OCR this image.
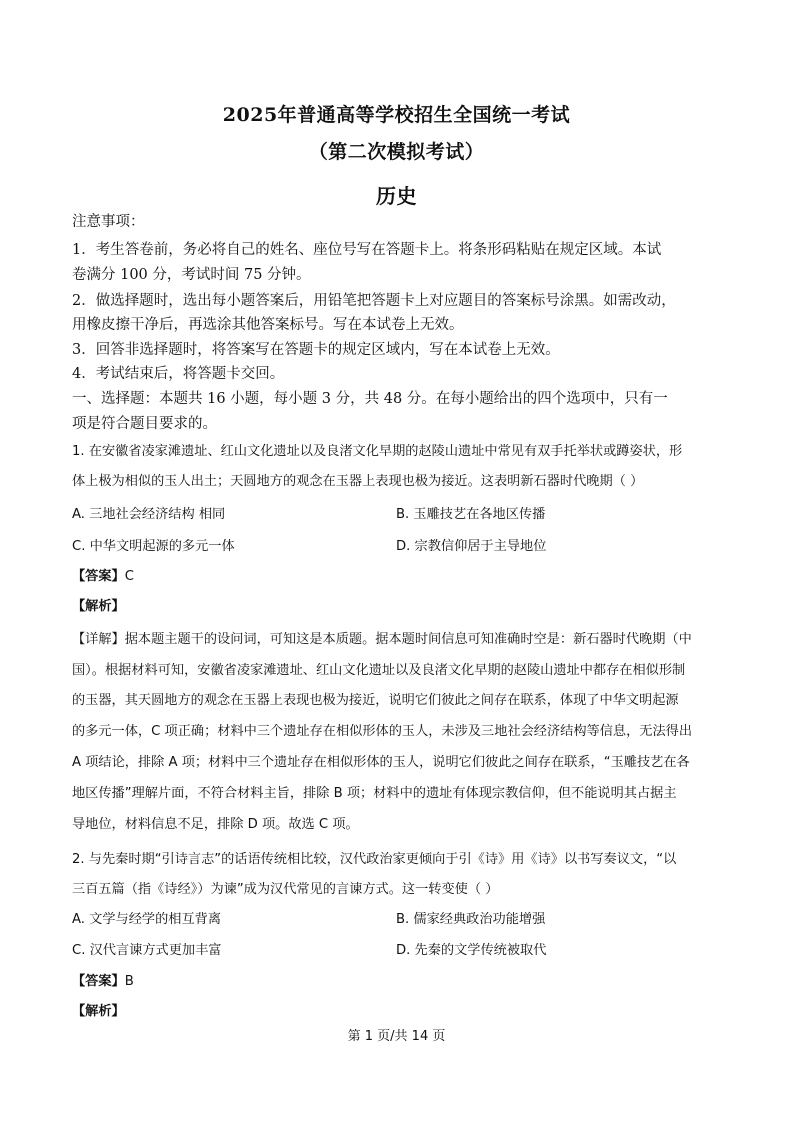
2025年普通高等学校招生全国统一考试
（第二次模拟考试）
历史
注意事项：
1．考生答卷前，务必将自己的姓名、座位号写在答题卡上。将条形码粘贴在规定区域。本试
卷满分 100 分，考试时间 75 分钟。
2．做选择题时，选出每小题答案后，用铅笔把答题卡上对应题目的答案标号涂黑。如需改动，
用橡皮擦干净后，再选涂其他答案标号。写在本试卷上无效。
3．回答非选择题时，将答案写在答题卡的规定区域内，写在本试卷上无效。
4．考试结束后，将答题卡交回。
一、选择题：本题共 16 小题，每小题 3 分，共 48 分。在每小题给出的四个选项中，只有一
项是符合题目要求的。
1. 在安徽省凌家滩遗址、红山文化遗址以及良渚文化早期的赵陵山遗址中常见有双手托举状或蹲姿状，形
体上极为相似的玉人出土；天圆地方的观念在玉器上表现也极为接近。这表明新石器时代晚期（ ）
A. 三地社会经济结构 相同	B. 玉雕技艺在各地区传播
C. 中华文明起源的多元一体	D. 宗教信仰居于主导地位
【答案】C
【解析】
【详解】据本题主题干的设问词，可知这是本质题。据本题时间信息可知准确时空是：新石器时代晚期（中
国）。根据材料可知，安徽省凌家滩遗址、红山文化遗址以及良渚文化早期的赵陵山遗址中都存在相似形制
的玉器，其天圆地方的观念在玉器上表现也极为接近，说明它们彼此之间存在联系，体现了中华文明起源
的多元一体，C 项正确；材料中三个遗址存在相似形体的玉人，未涉及三地社会经济结构等信息，无法得出
A 项结论，排除 A 项；材料中三个遗址存在相似形体的玉人，说明它们彼此之间存在联系，“玉雕技艺在各
地区传播”理解片面，不符合材料主旨，排除 B 项；材料中的遗址有体现宗教信仰，但不能说明其占据主
导地位，材料信息不足，排除 D 项。故选 C 项。
2. 与先秦时期“引诗言志”的话语传统相比较，汉代政治家更倾向于引《诗》用《诗》以书写奏议文，“以
三百五篇（指《诗经》）为谏”成为汉代常见的言谏方式。这一转变使（ ）
A. 文学与经学的相互背离	B. 儒家经典政治功能增强
C. 汉代言谏方式更加丰富	D. 先秦的文学传统被取代
【答案】B
【解析】
第 1 页/共 14 页
